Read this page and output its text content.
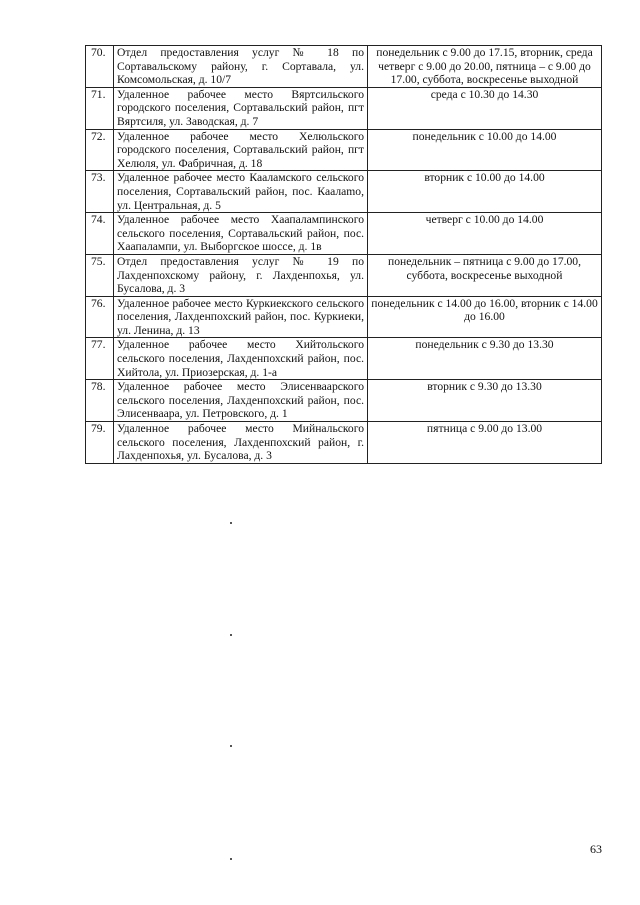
70.	Отдел предоставления услуг № 18 по Сортавальскому району, г. Сортавала, ул. Комсомольская, д. 10/7	понедельник с 9.00 до 17.15, вторник, среда четверг с 9.00 до 20.00, пятница – с 9.00 до 17.00, суббота, воскресенье выходной
71.	Удаленное рабочее место Вяртсильского городского поселения, Сортавальский район, пгт Вяртсиля, ул. Заводская, д. 7	среда с 10.30 до 14.30
72.	Удаленное рабочее место Хелюльского городского поселения, Сортавальский район, пгт Хелюля, ул. Фабричная, д. 18	понедельник с 10.00 до 14.00
73.	Удаленное рабочее место Кааламского сельского поселения, Сортавальский район, пос. Каалamo, ул. Центральная, д. 5	вторник с 10.00 до 14.00
74.	Удаленное рабочее место Хаапалампинского сельского поселения, Сортавальский район, пос. Хаапалампи, ул. Выборгское шоссе, д. 1в	четверг с 10.00 до 14.00
75.	Отдел предоставления услуг № 19 по Лахденпохскому району, г. Лахденпохья, ул. Бусалова, д. 3	понедельник – пятница с 9.00 до 17.00, суббота, воскресенье выходной
76.	Удаленное рабочее место Куркиекского сельского поселения, Лахденпохский район, пос. Куркиеки, ул. Ленина, д. 13	понедельник с 14.00 до 16.00, вторник с 14.00 до 16.00
77.	Удаленное рабочее место Хийтольского сельского поселения, Лахденпохский район, пос. Хийтола, ул. Приозерская, д. 1-а	понедельник с 9.30 до 13.30
78.	Удаленное рабочее место Элисенваарского сельского поселения, Лахденпохский район, пос. Элисенваара, ул. Петровского, д. 1	вторник с 9.30 до 13.30
79.	Удаленное рабочее место Мийнальского сельского поселения, Лахденпохский район, г. Лахденпохья, ул. Бусалова, д. 3	пятница с 9.00 до 13.00
63
